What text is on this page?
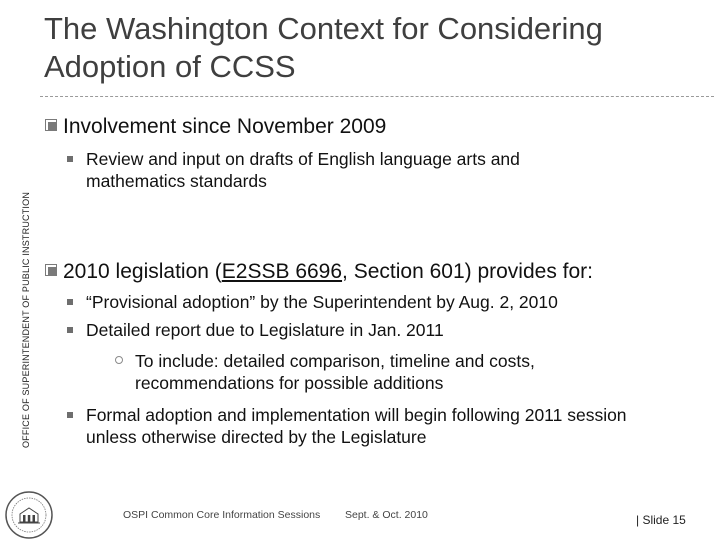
The Washington Context for Considering Adoption of CCSS
OFFICE OF SUPERINTENDENT OF PUBLIC INSTRUCTION
Involvement since November 2009
Review and input on drafts of English language arts and mathematics standards
2010 legislation (E2SSB 6696, Section 601) provides for:
“Provisional adoption” by the Superintendent by Aug. 2, 2010
Detailed report due to Legislature in Jan. 2011
To include: detailed comparison, timeline and costs, recommendations for possible additions
Formal adoption and implementation will begin following 2011 session unless otherwise directed by the Legislature
OSPI Common Core Information Sessions Sept. & Oct. 2010	| Slide 15
